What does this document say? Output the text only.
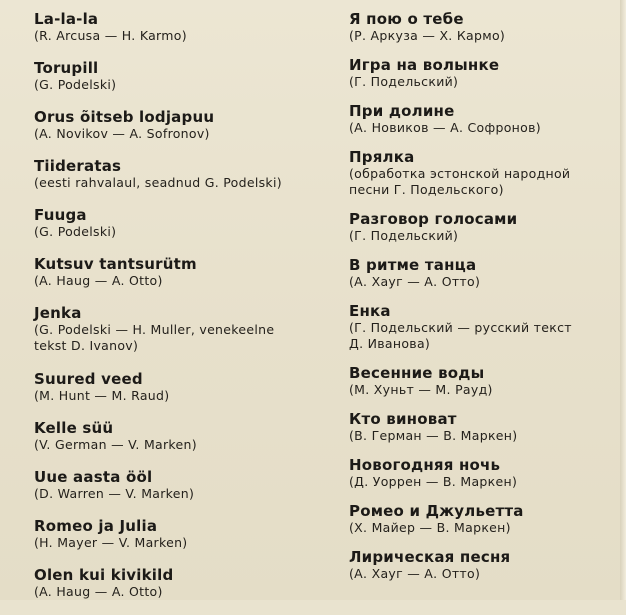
La-la-la
(R. Arcusa — H. Karmo)
Torupill
(G. Podelski)
Orus õitseb lodjapuu
(A. Novikov — A. Sofronov)
Tiideratas
(eesti rahvalaul, seadnud G. Podelski)
Fuuga
(G. Podelski)
Kutsuv tantsurütm
(A. Haug — A. Otto)
Jenka
(G. Podelski — H. Muller, venekeelne
tekst D. Ivanov)
Suured veed
(M. Hunt — M. Raud)
Kelle süü
(V. German — V. Marken)
Uue aasta ööl
(D. Warren — V. Marken)
Romeo ja Julia
(H. Mayer — V. Marken)
Olen kui kivikild
(A. Haug — A. Otto)
Я пою о тебе
(Р. Аркуза — Х. Кармо)
Игра на волынке
(Г. Подельский)
При долине
(А. Новиков — А. Софронов)
Прялка
(обработка эстонской народной
песни Г. Подельского)
Разговор голосами
(Г. Подельский)
В ритме танца
(А. Хауг — А. Отто)
Енка
(Г. Подельский — русский текст
Д. Иванова)
Весенние воды
(М. Хуньт — М. Рауд)
Кто виноват
(В. Герман — В. Маркен)
Новогодняя ночь
(Д. Уоррен — В. Маркен)
Ромео и Джульетта
(Х. Майер — В. Маркен)
Лирическая песня
(А. Хауг — А. Отто)
